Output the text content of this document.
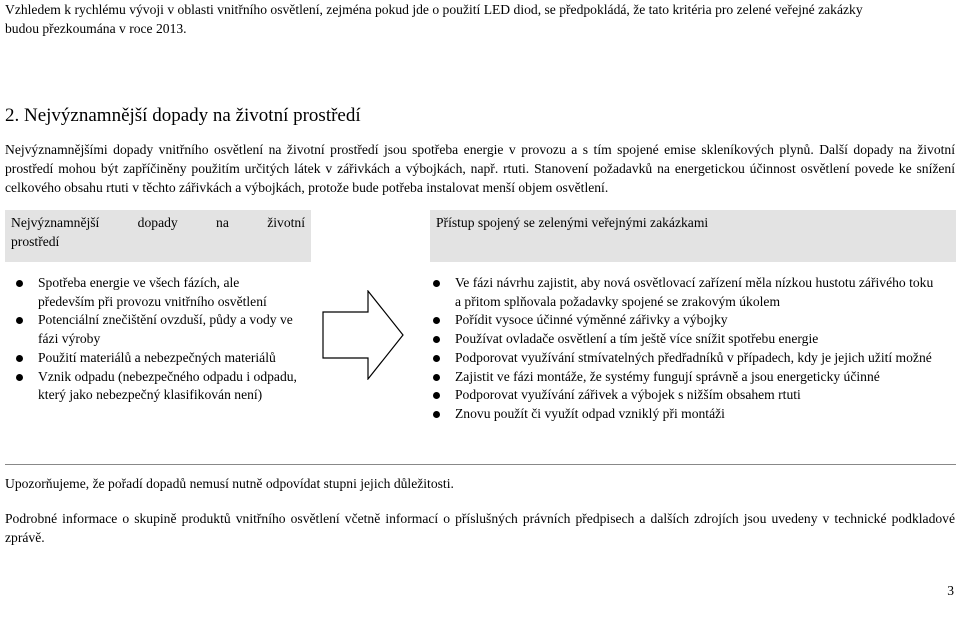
Vzhledem k rychlému vývoji v oblasti vnitřního osvětlení, zejména pokud jde o použití LED diod, se předpokládá, že tato kritéria pro zelené veřejné zakázky
budou přezkoumána v roce 2013.

2. Nejvýznamnější dopady na životní prostředí

Nejvýznamnějšími dopady vnitřního osvětlení na životní prostředí jsou spotřeba energie v provozu a s tím spojené emise skleníkových plynů. Další dopady na životní prostředí mohou být zapříčiněny použitím určitých látek v zářivkách a výbojkách, např. rtuti. Stanovení požadavků na energetickou účinnost osvětlení povede ke snížení celkového obsahu rtuti v těchto zářivkách a výbojkách, protože bude potřeba instalovat menší objem osvětlení.

Nejvýznamnější dopady na životní
prostředí
Přístup spojený se zelenými veřejnými zakázkami
Spotřeba energie ve všech fázích, ale především při provozu vnitřního osvětlení
Potenciální znečištění ovzduší, půdy a vody ve fázi výroby
Použití materiálů a nebezpečných materiálů
Vznik odpadu (nebezpečného odpadu i odpadu, který jako nebezpečný klasifikován není)
Ve fázi návrhu zajistit, aby nová osvětlovací zařízení měla nízkou hustotu zářivého toku a přitom splňovala požadavky spojené se zrakovým úkolem
Pořídit vysoce účinné výměnné zářivky a výbojky
Používat ovladače osvětlení a tím ještě více snížit spotřebu energie
Podporovat využívání stmívatelných předřadníků v případech, kdy je jejich užití možné
Zajistit ve fázi montáže, že systémy fungují správně a jsou energeticky účinné
Podporovat využívání zářivek a výbojek s nižším obsahem rtuti
Znovu použít či využít odpad vzniklý při montáži

Upozorňujeme, že pořadí dopadů nemusí nutně odpovídat stupni jejich důležitosti.

Podrobné informace o skupině produktů vnitřního osvětlení včetně informací o příslušných právních předpisech a dalších zdrojích jsou uvedeny v technické podkladové zprávě.

3
